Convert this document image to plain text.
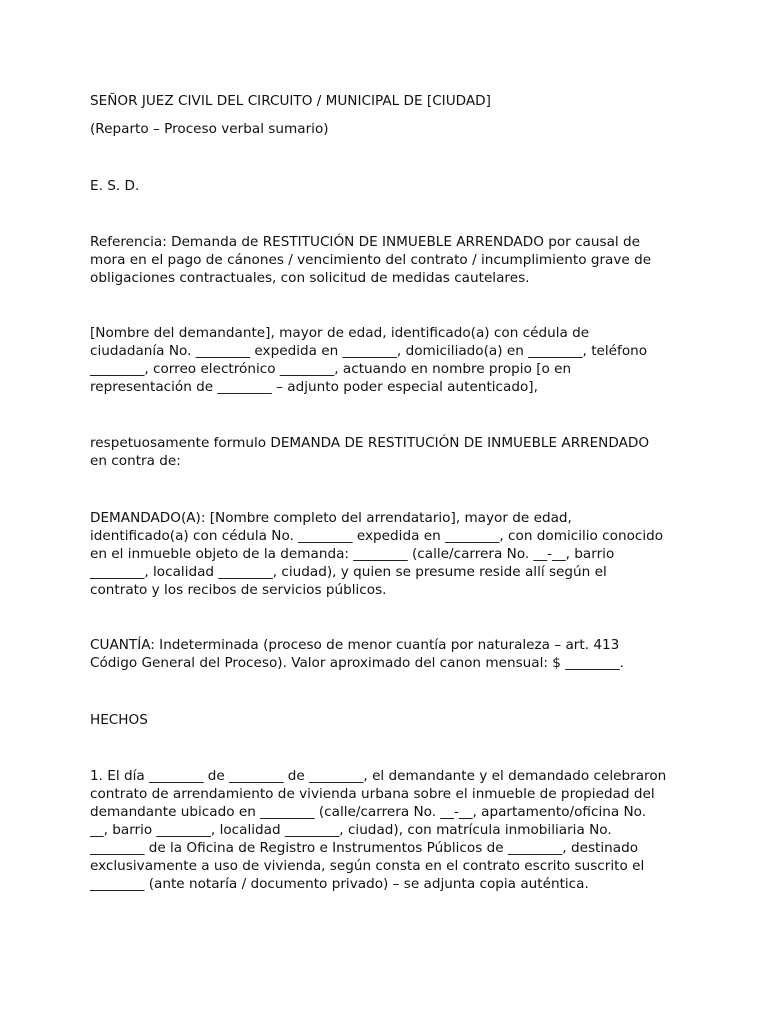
SEÑOR JUEZ CIVIL DEL CIRCUITO / MUNICIPAL DE [CIUDAD]

(Reparto – Proceso verbal sumario)

E. S. D.

Referencia: Demanda de RESTITUCIÓN DE INMUEBLE ARRENDADO por causal de
mora en el pago de cánones / vencimiento del contrato / incumplimiento grave de
obligaciones contractuales, con solicitud de medidas cautelares.

[Nombre del demandante], mayor de edad, identificado(a) con cédula de
ciudadanía No. ________ expedida en ________, domiciliado(a) en ________, teléfono
________, correo electrónico ________, actuando en nombre propio [o en
representación de ________ – adjunto poder especial autenticado],

respetuosamente formulo DEMANDA DE RESTITUCIÓN DE INMUEBLE ARRENDADO
en contra de:

DEMANDADO(A): [Nombre completo del arrendatario], mayor de edad,
identificado(a) con cédula No. ________ expedida en ________, con domicilio conocido
en el inmueble objeto de la demanda: ________ (calle/carrera No. __-__, barrio
________, localidad ________, ciudad), y quien se presume reside allí según el
contrato y los recibos de servicios públicos.

CUANTÍA: Indeterminada (proceso de menor cuantía por naturaleza – art. 413
Código General del Proceso). Valor aproximado del canon mensual: $ ________.

HECHOS

1. El día ________ de ________ de ________, el demandante y el demandado celebraron
contrato de arrendamiento de vivienda urbana sobre el inmueble de propiedad del
demandante ubicado en ________ (calle/carrera No. __-__, apartamento/oficina No.
__, barrio ________, localidad ________, ciudad), con matrícula inmobiliaria No.
________ de la Oficina de Registro e Instrumentos Públicos de ________, destinado
exclusivamente a uso de vivienda, según consta en el contrato escrito suscrito el
________ (ante notaría / documento privado) – se adjunta copia auténtica.
